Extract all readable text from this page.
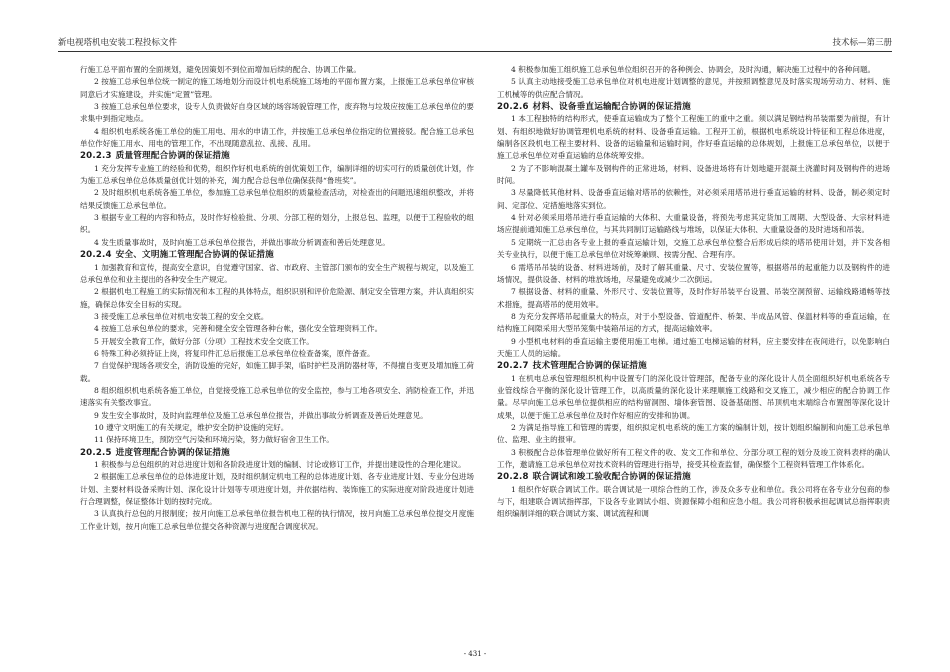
新电视塔机电安装工程投标文件	技术标—第三册
行施工总平面布置的全面规划，避免因策划不到位而增加后续的配合、协调工作量。
2 按施工总承包单位统一制定的施工场地划分而设计机电系统施工场地的平面布置方案，上报施工总承包单位审核同意后才实施建设，并实施“定置”管理。
3 按施工总承包单位要求，设专人负责做好自身区域的场容场貌管理工作，废弃物与垃圾应按施工总承包单位的要求集中到指定地点。
4 组织机电系统各施工单位的施工用电、用水的申请工作，并按施工总承包单位指定的位置接驳。配合施工总承包单位作好施工用水、用电的管理工作，不出现随意乱拉、乱接、乱用。
20.2.3 质量管理配合协调的保证措施
1 充分发挥专业施工的经验和优势，组织作好机电系统的创优策划工作，编制详细的切实可行的质量创优计划，作为施工总承包单位总体质量创优计划的补充，竭力配合总包单位确保获得“鲁班奖”。
2 及时组织机电系统各施工单位，参加施工总承包单位组织的质量检查活动，对检查出的问题迅速组织整改，并将结果反馈施工总承包单位。
3 根据专业工程的内容和特点，及时作好检验批、分项、分部工程的划分，上报总包、监理，以便于工程验收的组织。
4 发生质量事故时，及时向施工总承包单位报告，并做出事故分析调查和善后处理意见。
20.2.4 安全、文明施工管理配合协调的保证措施
1 加强教育和宣传，提高安全意识，自觉遵守国家、省、市政府、主管部门颁布的安全生产规程与规定，以及施工总承包单位和业主提出的各种安全生产规定。
2 根据机电工程施工的实际情况和本工程的具体特点，组织识别和评价危险源、制定安全管理方案，并认真组织实施，确保总体安全目标的实现。
3 接受施工总承包单位对机电安装工程的安全交底。
4 按施工总承包单位的要求，完善和健全安全管理各种台帐，强化安全管理资料工作。
5 开展安全教育工作，做好分部（分项）工程技术安全交底工作。
6 特殊工种必须持证上岗，将复印件汇总后报施工总承包单位检查备案，原件备查。
7 自觉保护现场各项安全，消防设施的完好，如施工脚手架，临时护栏及消防器材等，不得擅自变更及增加施工荷载。
8 组织组织机电系统各施工单位，自觉接受施工总承包单位的安全监控，参与工地各项安全、消防检查工作，并迅速落实有关整改事宜。
9 发生安全事故时，及时向监理单位及施工总承包单位报告，并做出事故分析调查及善后处理意见。
10 遵守文明施工的有关规定，维护安全防护设施的完好。
11 保持环境卫生，预防空气污染和环境污染，努力做好宿舍卫生工作。
20.2.5 进度管理配合协调的保证措施
1 积极参与总包组织的对总进度计划和各阶段进度计划的编制、讨论或修订工作，并提出建设性的合理化建议。
2 根据施工总承包单位的总体进度计划，及时组织制定机电工程的总体进度计划、各专业进度计划、专业分包进场计划、主要材料设备采购计划、深化设计计划等专项进度计划，并依据结构、装饰施工的实际进度对阶段进度计划进行合理调整，保证整体计划的按时完成。
3 认真执行总包的月报制度；按月向施工总承包单位报告机电工程的执行情况，按月向施工总承包单位提交月度施工作业计划，按月向施工总承包单位提交各种资源与进度配合调度状况。
4 积极参加施工组织施工总承包单位组织召开的各种例会、协调会，及时沟通，解决施工过程中的各种问题。
5 认真主动地接受施工总承包单位对机电进度计划调整的意见，并按照调整意见及时落实现场劳动力、材料、施工机械等的供应配合情况。
20.2.6 材料、设备垂直运输配合协调的保证措施
1 本工程独特的结构形式，使垂直运输成为了整个工程施工的重中之重。须以满足钢结构吊装需要为前提，有计划、有组织地做好协调管理机电系统的材料、设备垂直运输。工程开工前，根据机电系统设计特征和工程总体进度，编制各区段机电工程主要材料、设备的运输量和运输时间，作好垂直运输的总体规划，上报施工总承包单位，以便于施工总承包单位对垂直运输的总体统筹安排。
2 为了不影响混凝土罐车及钢构件的正常进场，材料、设备进场将有计划地避开混凝土浇灌时间及钢构件的进场时间。
3 尽量降低其他材料、设备垂直运输对塔吊的依赖性，对必须采用塔吊进行垂直运输的材料、设备，制必须定时间、定部位、定措施地落实到位。
4 针对必须采用塔吊进行垂直运输的大体积、大重量设备，将预先考虑其定货加工周期、大型设备、大宗材料进场应提前通知施工总承包单位，与其共同制订运输路线与堆场，以保证大体积、大重量设备的及时进场和吊装。
5 定期统一汇总由各专业上报的垂直运输计划，交施工总承包单位整合后形成后续的塔吊使用计划，并下发各相关专业执行，以便于施工总承包单位对统筹兼顾、按需分配、合理有序。
6 需塔吊吊装的设备、材料进场前，及时了解其重量、尺寸、安装位置等，根据塔吊的起重能力以及钢构件的进场情况，提供设备、材料的堆放场地，尽量避免或减少二次倒运。
7 根据设备、材料的重量、外形尺寸、安装位置等，及时作好吊装平台设置、吊装空洞预留、运输线路通畅等技术措施，提高塔吊的使用效率。
8 为充分发挥塔吊起重量大的特点，对于小型设备、管道配件、桥架、半成品风管、保温材料等的垂直运输，在结构施工间隙采用大型吊笼集中装箱吊运的方式，提高运输效率。
9 小型机电材料的垂直运输主要使用施工电梯。通过施工电梯运输的材料，应主要安排在夜间进行，以免影响白天施工人员的运输。
20.2.7 技术管理配合协调的保证措施
1 在机电总承包管理组织机构中设置专门的深化设计管理部，配备专业的深化设计人员全面组织好机电系统各专业管线综合平衡的深化设计管理工作，以高质量的深化设计来理顺施工线路和交叉施工，减少相应的配合协调工作量。尽早向施工总承包单位提供相应的结构留洞图、墙体套管图、设备基础图、吊顶机电末端综合布置图等深化设计成果，以便于施工总承包单位及时作好相应的安排和协调。
2 为满足指导施工和管理的需要，组织拟定机电系统的施工方案的编制计划，按计划组织编制和向施工总承包单位、监理、业主的报审。
3 积极配合总体管理单位做好所有工程文件的收、发文工作和单位、分部分项工程的划分及竣工资料表样的确认工作，邀请施工总承包单位对技术资料的管理进行指导，接受其检查监督，确保整个工程资料管理工作体系化。
20.2.8 联合调试和竣工验收配合协调的保证措施
1 组织作好联合调试工作。联合调试是一项综合性的工作，涉及众多专业和单位。我公司将在各专业分包商的参与下，组建联合调试指挥部，下设各专业调试小组、资源保障小组和应急小组。我公司将积极承担起调试总指挥职责组织编制详细的联合调试方案、调试流程和调
- 431 -
